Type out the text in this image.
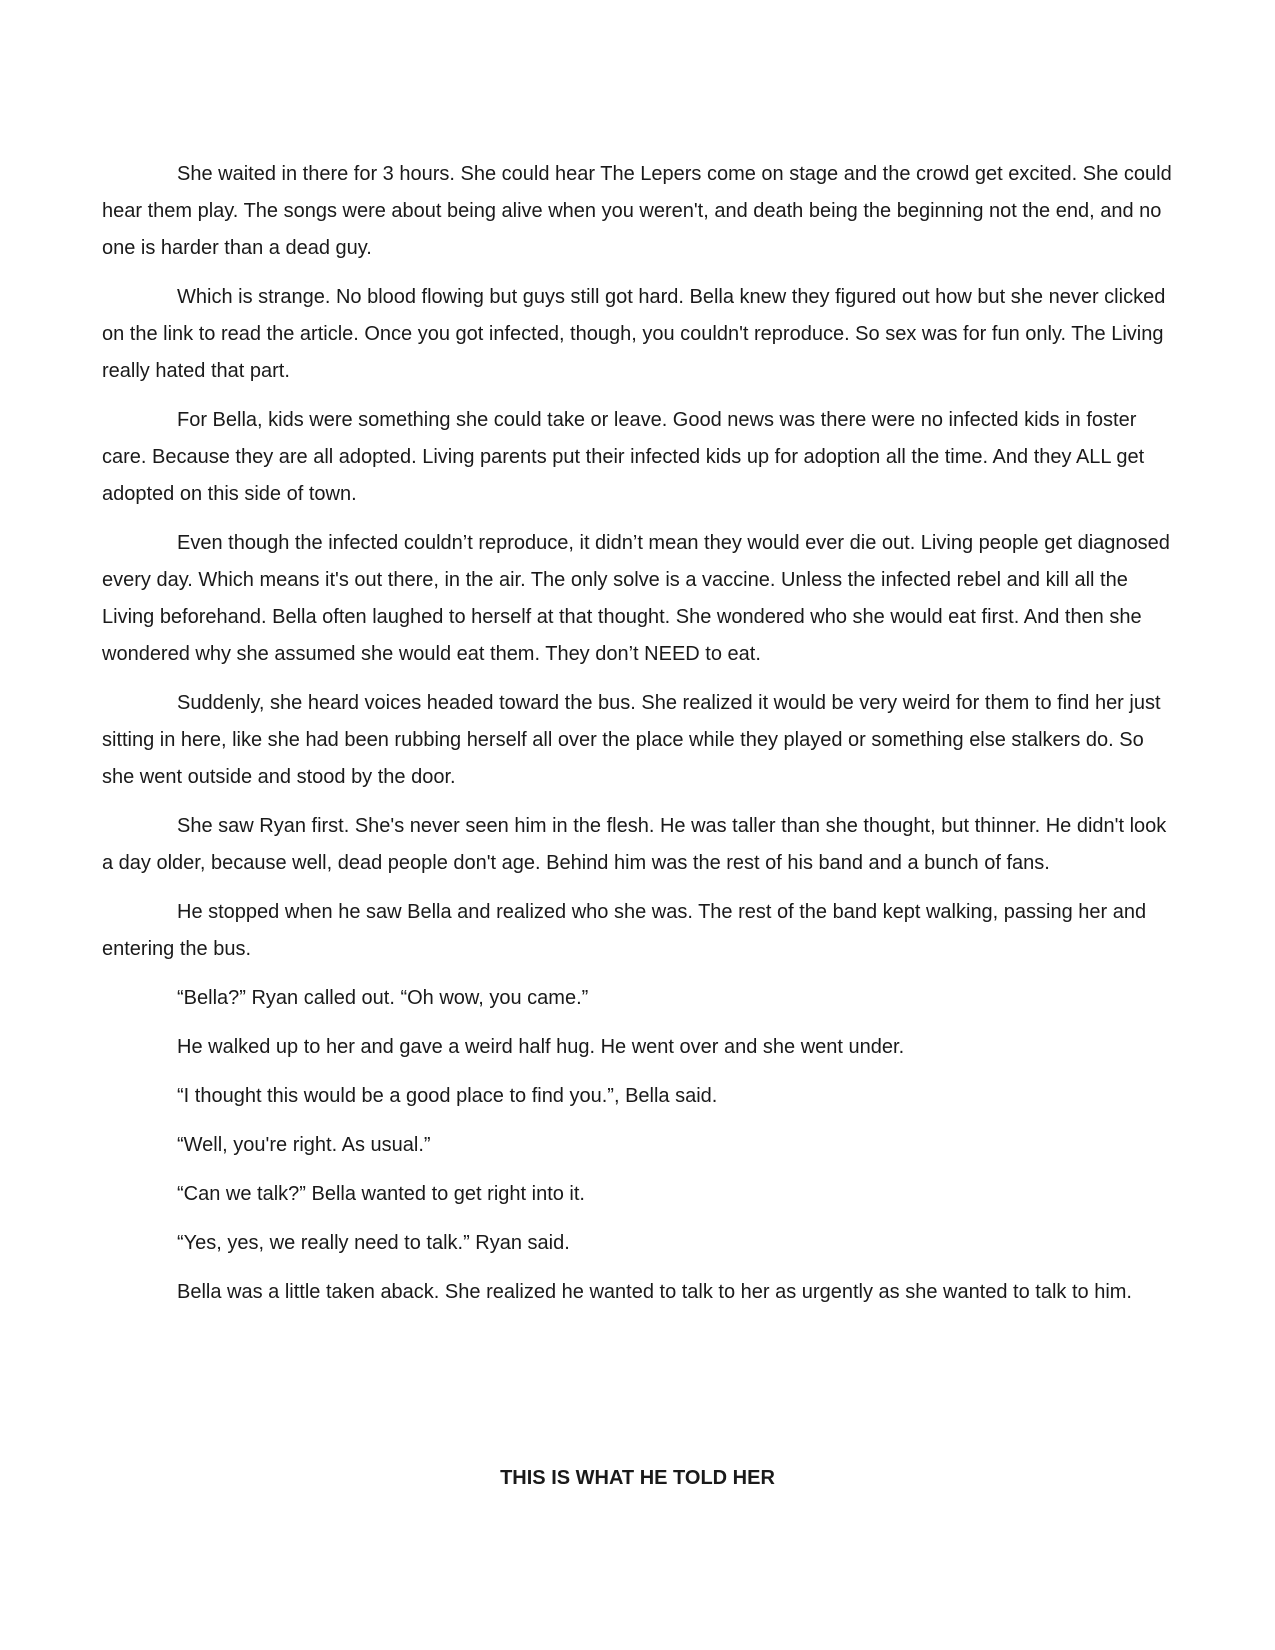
She waited in there for 3 hours. She could hear The Lepers come on stage and the crowd get excited. She could hear them play. The songs were about being alive when you weren't, and death being the beginning not the end, and no one is harder than a dead guy.

Which is strange. No blood flowing but guys still got hard. Bella knew they figured out how but she never clicked on the link to read the article. Once you got infected, though, you couldn't reproduce. So sex was for fun only. The Living really hated that part.

For Bella, kids were something she could take or leave. Good news was there were no infected kids in foster care. Because they are all adopted. Living parents put their infected kids up for adoption all the time. And they ALL get adopted on this side of town.

Even though the infected couldn’t reproduce, it didn’t mean they would ever die out. Living people get diagnosed every day. Which means it's out there, in the air. The only solve is a vaccine. Unless the infected rebel and kill all the Living beforehand. Bella often laughed to herself at that thought. She wondered who she would eat first. And then she wondered why she assumed she would eat them. They don’t NEED to eat.

Suddenly, she heard voices headed toward the bus. She realized it would be very weird for them to find her just sitting in here, like she had been rubbing herself all over the place while they played or something else stalkers do. So she went outside and stood by the door.

She saw Ryan first. She's never seen him in the flesh. He was taller than she thought, but thinner. He didn't look a day older, because well, dead people don't age. Behind him was the rest of his band and a bunch of fans.

He stopped when he saw Bella and realized who she was. The rest of the band kept walking, passing her and entering the bus.

“Bella?” Ryan called out. “Oh wow, you came.”

He walked up to her and gave a weird half hug. He went over and she went under.

“I thought this would be a good place to find you.”, Bella said.

“Well, you're right. As usual.”

“Can we talk?” Bella wanted to get right into it.

“Yes, yes, we really need to talk.” Ryan said.

Bella was a little taken aback. She realized he wanted to talk to her as urgently as she wanted to talk to him.

THIS IS WHAT HE TOLD HER
